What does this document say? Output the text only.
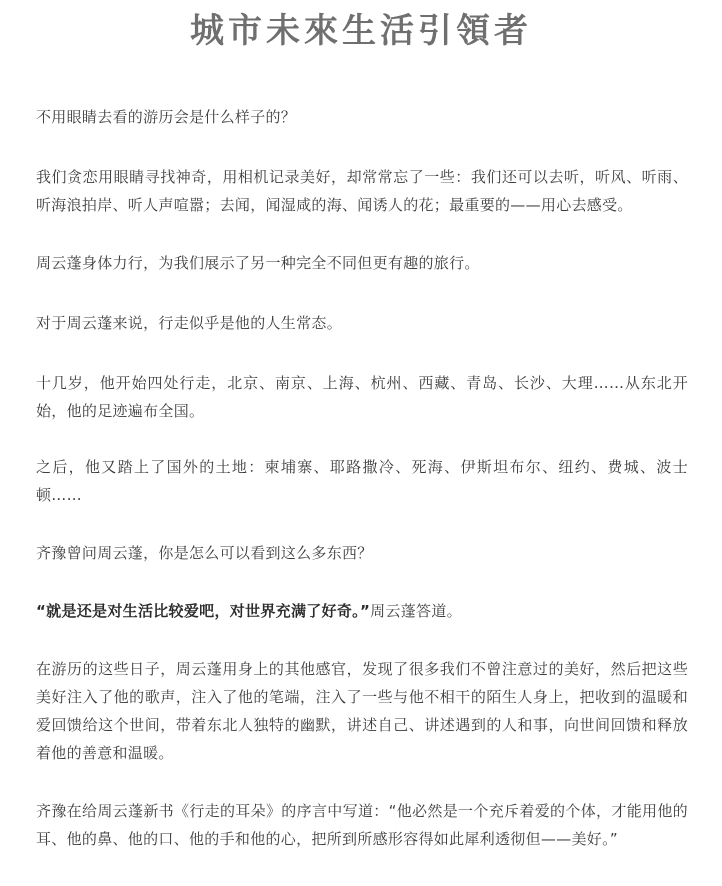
城市未來生活引領者

不用眼睛去看的游历会是什么样子的？

我们贪恋用眼睛寻找神奇，用相机记录美好，却常常忘了一些：我们还可以去听，听风、听雨、听海浪拍岸、听人声喧嚣；去闻，闻湿咸的海、闻诱人的花；最重要的——用心去感受。

周云蓬身体力行，为我们展示了另一种完全不同但更有趣的旅行。

对于周云蓬来说，行走似乎是他的人生常态。

十几岁，他开始四处行走，北京、南京、上海、杭州、西藏、青岛、长沙、大理……从东北开始，他的足迹遍布全国。

之后，他又踏上了国外的土地：柬埔寨、耶路撒冷、死海、伊斯坦布尔、纽约、费城、波士顿……

齐豫曾问周云蓬，你是怎么可以看到这么多东西？

“就是还是对生活比较爱吧，对世界充满了好奇。”周云蓬答道。

在游历的这些日子，周云蓬用身上的其他感官，发现了很多我们不曾注意过的美好，然后把这些美好注入了他的歌声，注入了他的笔端，注入了一些与他不相干的陌生人身上，把收到的温暖和爱回馈给这个世间，带着东北人独特的幽默，讲述自己、讲述遇到的人和事，向世间回馈和释放着他的善意和温暖。

齐豫在给周云蓬新书《行走的耳朵》的序言中写道：“他必然是一个充斥着爱的个体，才能用他的耳、他的鼻、他的口、他的手和他的心，把所到所感形容得如此犀利透彻但——美好。”
